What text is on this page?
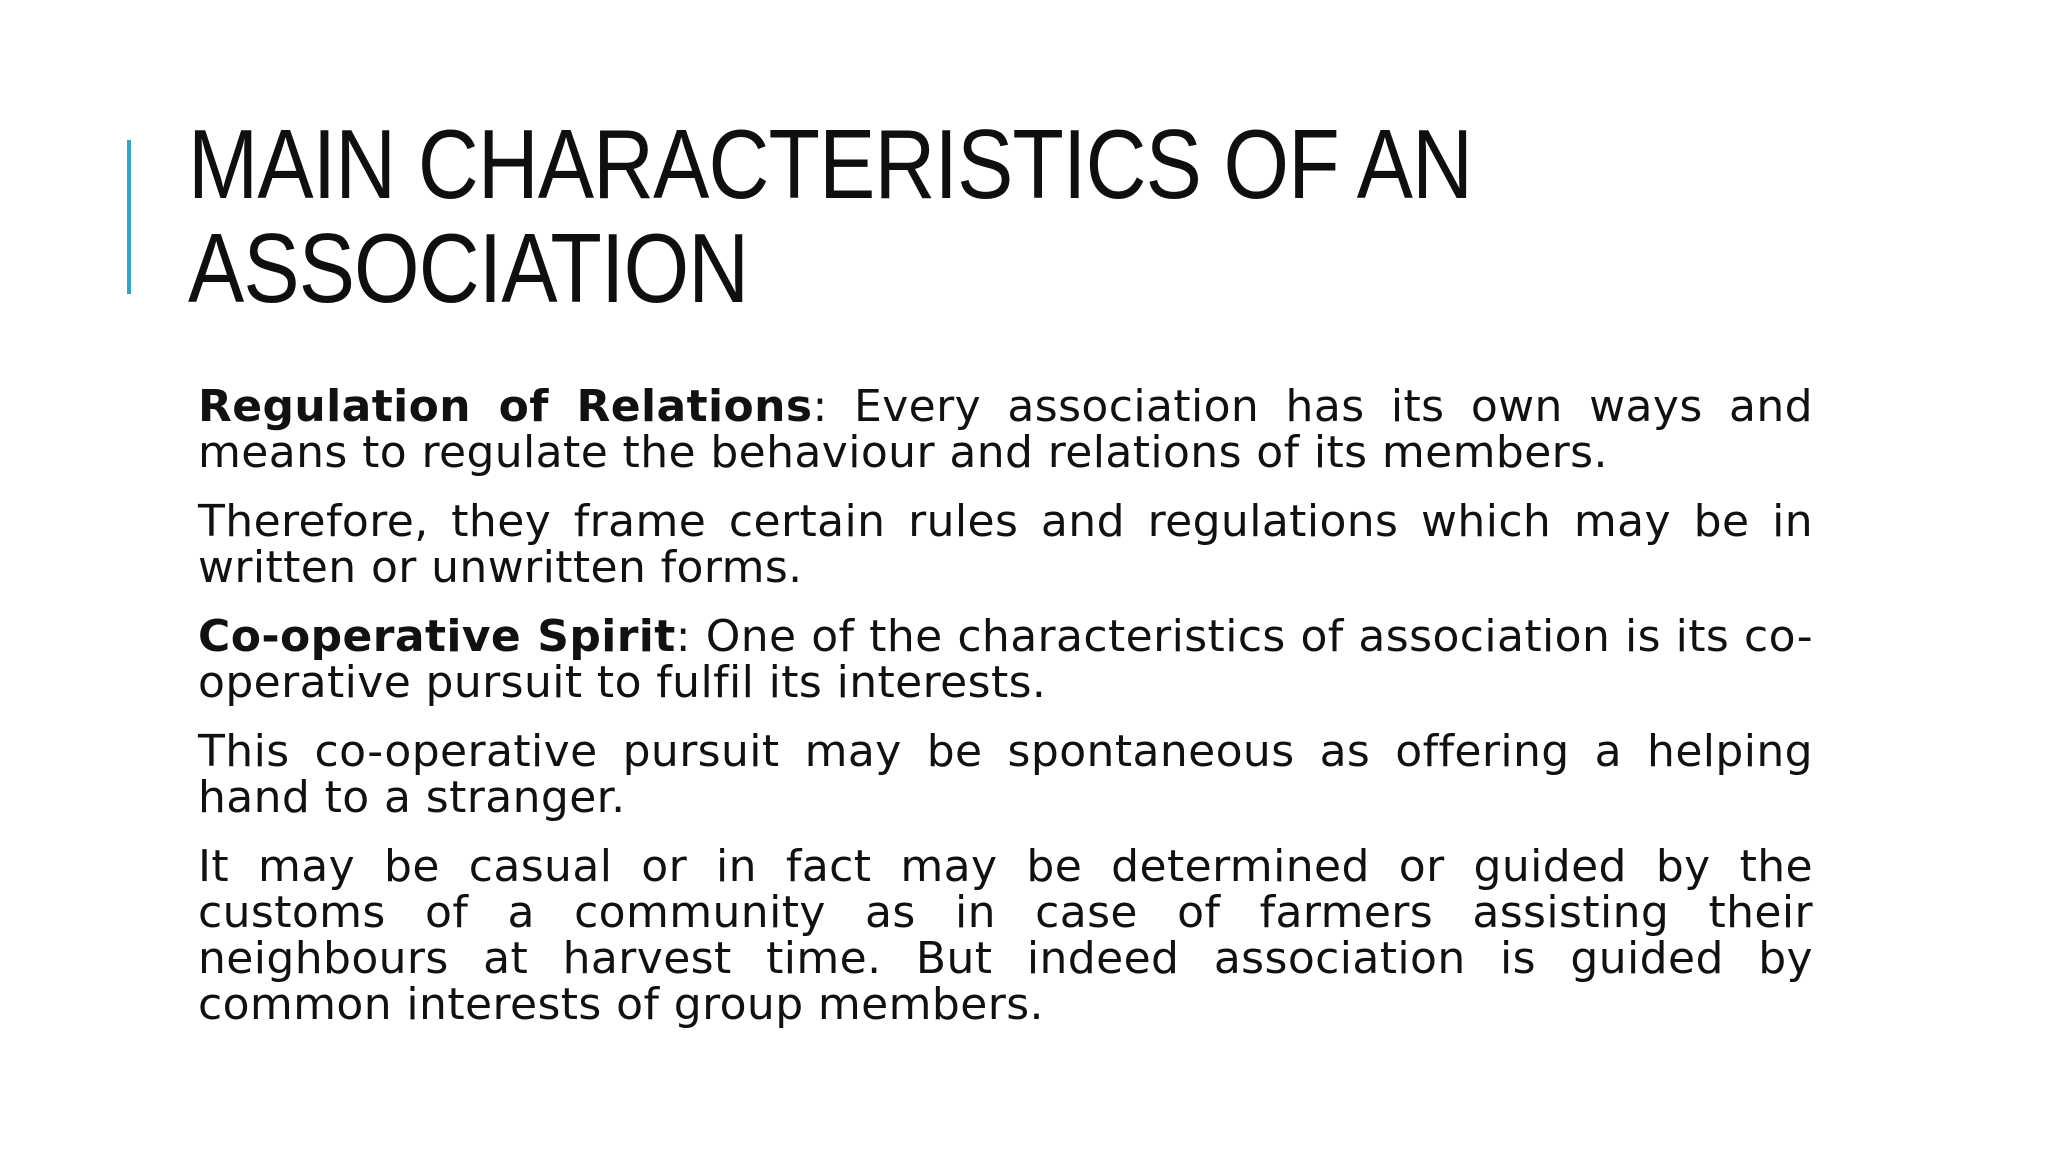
MAIN CHARACTERISTICS OF AN
ASSOCIATION

Regulation of Relations: Every association has its own ways and means to regulate the behaviour and relations of its members.

Therefore, they frame certain rules and regulations which may be in written or unwritten forms.

Co-operative Spirit: One of the characteristics of association is its co-operative pursuit to fulfil its interests.

This co-operative pursuit may be spontaneous as offering a helping hand to a stranger.

It may be casual or in fact may be determined or guided by the customs of a community as in case of farmers assisting their neighbours at harvest time. But indeed association is guided by common interests of group members.
